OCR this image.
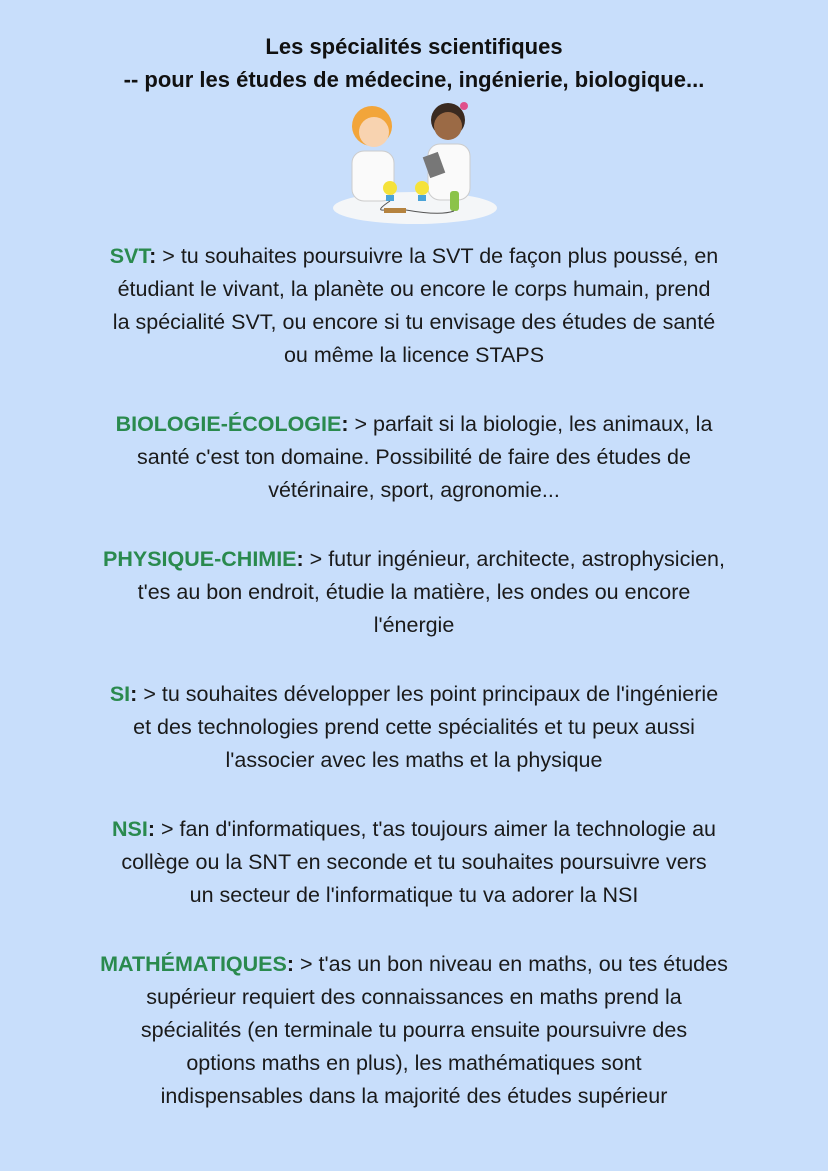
Les spécialités scientifiques
-- pour les études de médecine, ingénierie, biologique...
SVT: > tu souhaites poursuivre la SVT de façon plus poussé, en
étudiant le vivant, la planète ou encore le corps humain, prend
la spécialité SVT, ou encore si tu envisage des études de santé
ou même la licence STAPS
BIOLOGIE-ÉCOLOGIE: > parfait si la biologie, les animaux, la
santé c'est ton domaine. Possibilité de faire des études de
vétérinaire, sport, agronomie...
PHYSIQUE-CHIMIE: > futur ingénieur, architecte, astrophysicien,
t'es au bon endroit, étudie la matière, les ondes ou encore
l'énergie
SI: > tu souhaites développer les point principaux de l'ingénierie
et des technologies prend cette spécialités et tu peux aussi
l'associer avec les maths et la physique
NSI: > fan d'informatiques, t'as toujours aimer la technologie au
collège ou la SNT en seconde et tu souhaites poursuivre vers
un secteur de l'informatique tu va adorer la NSI
MATHÉMATIQUES: > t'as un bon niveau en maths, ou tes études
supérieur requiert des connaissances en maths prend la
spécialités (en terminale tu pourra ensuite poursuivre des
options maths en plus), les mathématiques sont
indispensables dans la majorité des études supérieur
